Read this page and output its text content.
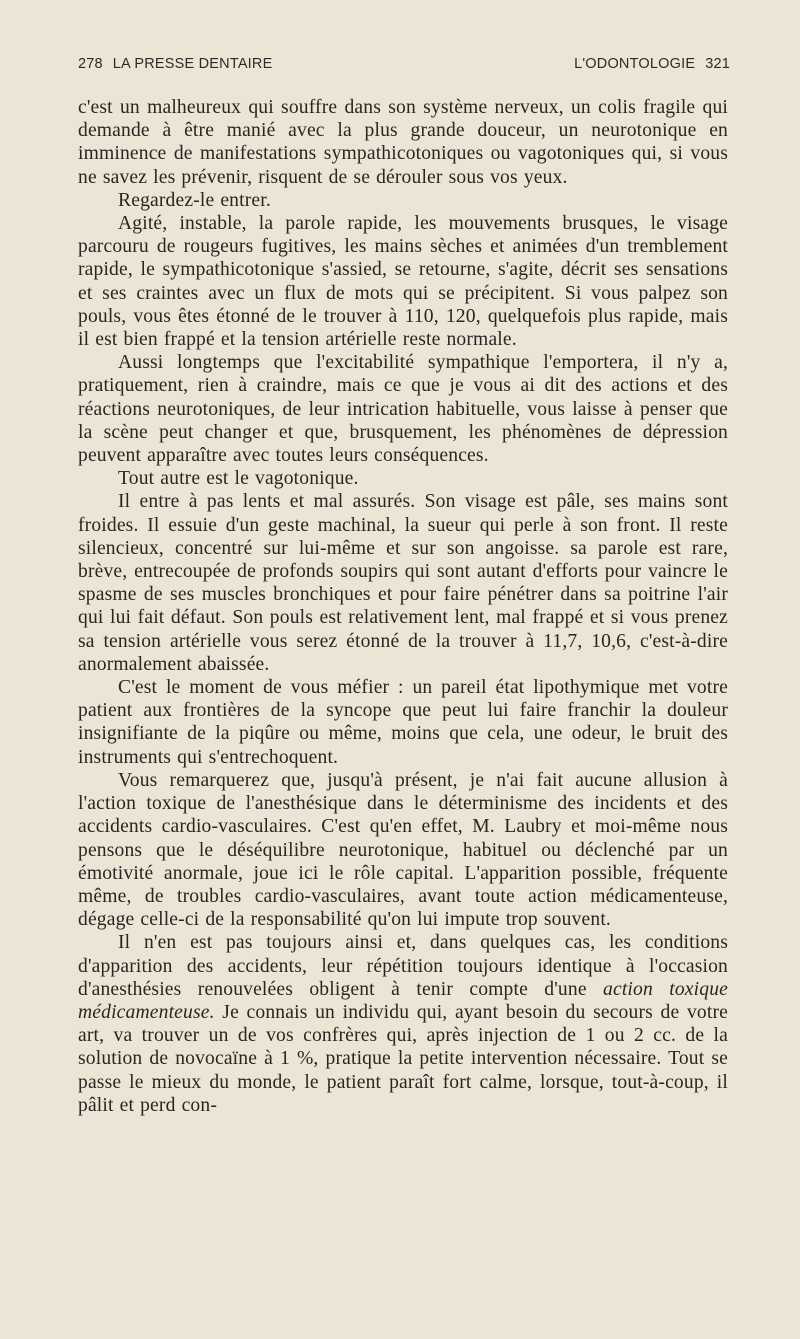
278 LA PRESSE DENTAIRE	L'ODONTOLOGIE 321

c'est un malheureux qui souffre dans son système nerveux, un colis fragile qui demande à être manié avec la plus grande douceur, un neurotonique en imminence de manifestations sympathicotoniques ou vagotoniques qui, si vous ne savez les prévenir, risquent de se dérouler sous vos yeux.

Regardez-le entrer.

Agité, instable, la parole rapide, les mouvements brusques, le visage parcouru de rougeurs fugitives, les mains sèches et animées d'un tremblement rapide, le sympathicotonique s'assied, se retourne, s'agite, décrit ses sensations et ses craintes avec un flux de mots qui se précipitent. Si vous palpez son pouls, vous êtes étonné de le trouver à 110, 120, quelquefois plus rapide, mais il est bien frappé et la tension artérielle reste normale.

Aussi longtemps que l'excitabilité sympathique l'emportera, il n'y a, pratiquement, rien à craindre, mais ce que je vous ai dit des actions et des réactions neurotoniques, de leur intrication habituelle, vous laisse à penser que la scène peut changer et que, brusquement, les phénomènes de dépression peuvent apparaître avec toutes leurs conséquences.

Tout autre est le vagotonique.

Il entre à pas lents et mal assurés. Son visage est pâle, ses mains sont froides. Il essuie d'un geste machinal, la sueur qui perle à son front. Il reste silencieux, concentré sur lui-même et sur son angoisse. sa parole est rare, brève, entrecoupée de profonds soupirs qui sont autant d'efforts pour vaincre le spasme de ses muscles bronchiques et pour faire pénétrer dans sa poitrine l'air qui lui fait défaut. Son pouls est relativement lent, mal frappé et si vous prenez sa tension artérielle vous serez étonné de la trouver à 11,7, 10,6, c'est-à-dire anormalement abaissée.

C'est le moment de vous méfier : un pareil état lipothymique met votre patient aux frontières de la syncope que peut lui faire franchir la douleur insignifiante de la piqûre ou même, moins que cela, une odeur, le bruit des instruments qui s'entrechoquent.

Vous remarquerez que, jusqu'à présent, je n'ai fait aucune allusion à l'action toxique de l'anesthésique dans le déterminisme des incidents et des accidents cardio-vasculaires. C'est qu'en effet, M. Laubry et moi-même nous pensons que le déséquilibre neurotonique, habituel ou déclenché par un émotivité anormale, joue ici le rôle capital. L'apparition possible, fréquente même, de troubles cardio-vasculaires, avant toute action médicamenteuse, dégage celle-ci de la responsabilité qu'on lui impute trop souvent.

Il n'en est pas toujours ainsi et, dans quelques cas, les conditions d'apparition des accidents, leur répétition toujours identique à l'occasion d'anesthésies renouvelées obligent à tenir compte d'une action toxique médicamenteuse. Je connais un individu qui, ayant besoin du secours de votre art, va trouver un de vos confrères qui, après injection de 1 ou 2 cc. de la solution de novocaïne à 1 %, pratique la petite intervention nécessaire. Tout se passe le mieux du monde, le patient paraît fort calme, lorsque, tout-à-coup, il pâlit et perd con-
